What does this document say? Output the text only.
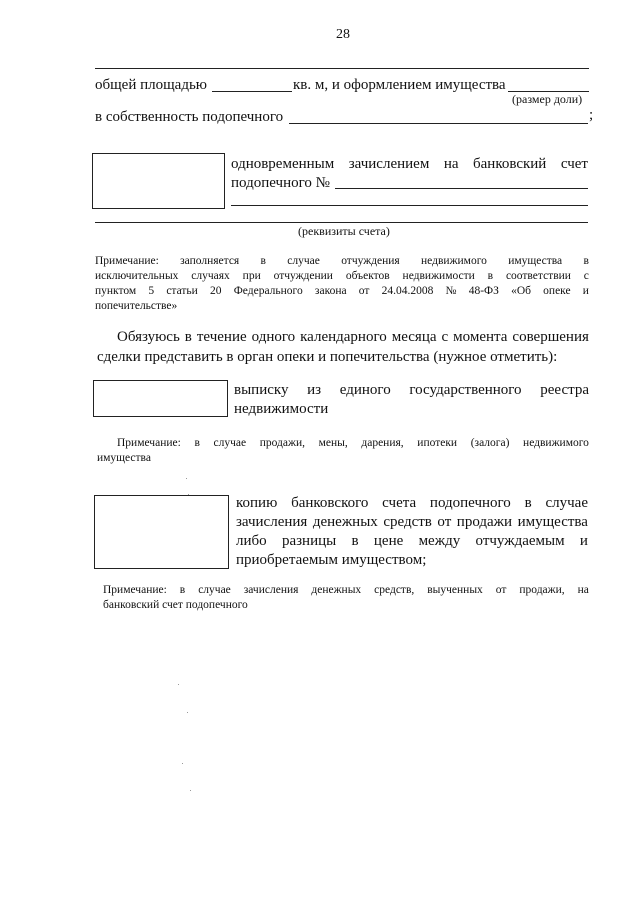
28
общей площадью	кв. м, и оформлением имущества
(размер доли)
в собственность подопечного	;
одновременным зачислением на банковский счет
подопечного №
(реквизиты счета)
Примечание: заполняется в случае отчуждения недвижимого имущества в
исключительных случаях при отчуждении объектов недвижимости в соответствии с
пунктом 5 статьи 20 Федерального закона от 24.04.2008 № 48-ФЗ «Об опеке и
попечительстве»
Обязуюсь в течение одного календарного месяца с момента совершения
сделки представить в орган опеки и попечительства (нужное отметить):
выписку из единого государственного реестра
недвижимости
Примечание: в случае продажи, мены, дарения, ипотеки (залога) недвижимого
имущества
копию банковского счета подопечного в случае
зачисления денежных средств от продажи имущества
либо разницы в цене между отчуждаемым и
приобретаемым имуществом;
Примечание: в случае зачисления денежных средств, выученных от продажи, на
банковский счет подопечного
